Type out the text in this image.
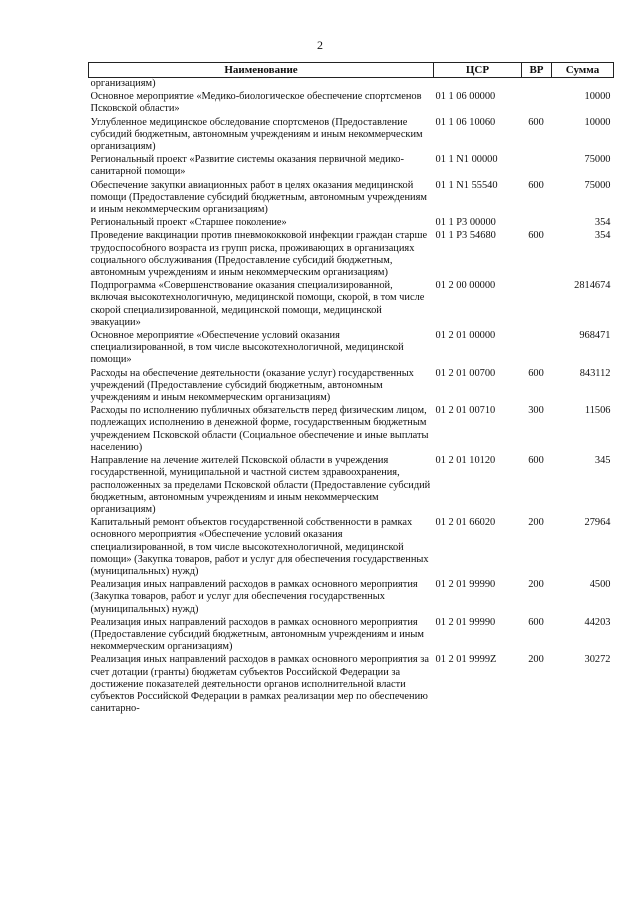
2
Наименование	ЦСР	ВР	Сумма
организациям)			
Основное мероприятие «Медико-биологическое обеспечение спортсменов Псковской области»	01 1 06 00000		10000
Углубленное медицинское обследование спортсменов (Предоставление субсидий бюджетным, автономным учреждениям и иным некоммерческим организациям)	01 1 06 10060	600	10000
Региональный проект «Развитие системы оказания первичной медико-санитарной помощи»	01 1 N1 00000		75000
Обеспечение закупки авиационных работ в целях оказания медицинской помощи (Предоставление субсидий бюджетным, автономным учреждениям и иным некоммерческим организациям)	01 1 N1 55540	600	75000
Региональный проект «Старшее поколение»	01 1 P3 00000		354
Проведение вакцинации против пневмококковой инфекции граждан старше трудоспособного возраста из групп риска, проживающих в организациях социального обслуживания (Предоставление субсидий бюджетным, автономным учреждениям и иным некоммерческим организациям)	01 1 P3 54680	600	354
Подпрограмма «Совершенствование оказания специализированной, включая высокотехнологичную, медицинской помощи, скорой, в том числе скорой специализированной, медицинской помощи, медицинской эвакуации»	01 2 00 00000		2814674
Основное мероприятие «Обеспечение условий оказания специализированной, в том числе высокотехнологичной, медицинской помощи»	01 2 01 00000		968471
Расходы на обеспечение деятельности (оказание услуг) государственных учреждений (Предоставление субсидий бюджетным, автономным учреждениям и иным некоммерческим организациям)	01 2 01 00700	600	843112
Расходы по исполнению публичных обязательств перед физическим лицом, подлежащих исполнению в денежной форме, государственным бюджетным учреждением Псковской области (Социальное обеспечение и иные выплаты населению)	01 2 01 00710	300	11506
Направление на лечение жителей Псковской области в учреждения государственной, муниципальной и частной систем здравоохранения, расположенных за пределами Псковской области (Предоставление субсидий бюджетным, автономным учреждениям и иным некоммерческим организациям)	01 2 01 10120	600	345
Капитальный ремонт объектов государственной собственности в рамках основного мероприятия «Обеспечение условий оказания специализированной, в том числе высокотехнологичной, медицинской помощи» (Закупка товаров, работ и услуг для обеспечения государственных (муниципальных) нужд)	01 2 01 66020	200	27964
Реализация иных направлений расходов в рамках основного мероприятия (Закупка товаров, работ и услуг для обеспечения государственных (муниципальных) нужд)	01 2 01 99990	200	4500
Реализация иных направлений расходов в рамках основного мероприятия (Предоставление субсидий бюджетным, автономным учреждениям и иным некоммерческим организациям)	01 2 01 99990	600	44203
Реализация иных направлений расходов в рамках основного мероприятия за счет дотации (гранты) бюджетам субъектов Российской Федерации за достижение показателей деятельности органов исполнительной власти субъектов Российской Федерации в рамках реализации мер по обеспечению санитарно-	01 2 01 9999Z	200	30272
